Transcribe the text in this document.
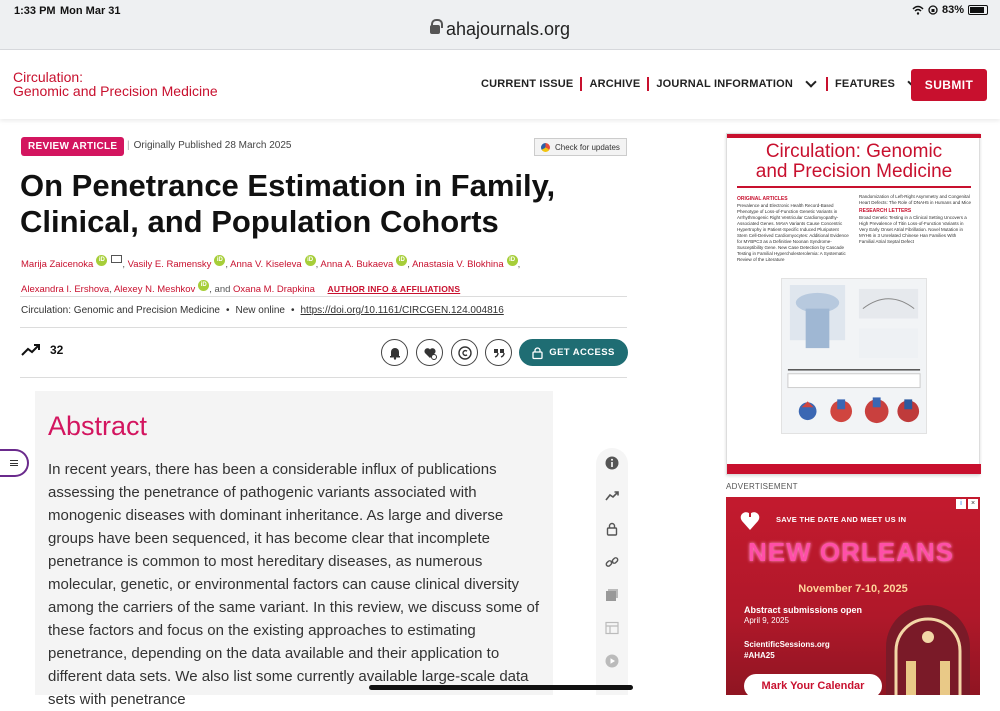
1:33 PM Mon Mar 31	83%
ahajournals.org
Circulation:
Genomic and Precision Medicine	CURRENT ISSUE ARCHIVE JOURNAL INFORMATION	FEATURES	SUBMIT
REVIEW ARTICLE | Originally Published 28 March 2025	Check for updates
On Penetrance Estimation in Family,
Clinical, and Population Cohorts
Marija Zaicenoka iD , Vasily E. Ramensky iD , Anna V. Kiseleva iD , Anna A. Bukaeva iD , Anastasia V. Blokhina iD ,
Alexandra I. Ershova, Alexey N. Meshkov iD , and Oxana M. Drapkina AUTHOR INFO & AFFILIATIONS
Circulation: Genomic and Precision Medicine • New online • https://doi.org/10.1161/CIRCGEN.124.004816
32	GET ACCESS
Abstract

In recent years, there has been a considerable influx of publications assessing the penetrance of pathogenic variants associated with monogenic diseases with dominant inheritance. As large and diverse groups have been sequenced, it has become clear that incomplete penetrance is common to most hereditary diseases, as numerous molecular, genetic, or environmental factors can cause clinical diversity among the carriers of the same variant. In this review, we discuss some of these factors and focus on the existing approaches to estimating penetrance, depending on the data available and their application to different data sets. We also list some currently available large-scale data sets with penetrance

Circulation: Genomic
and Precision Medicine
ORIGINAL ARTICLES
Prevalence and Electronic Health Record-Based Phenotype of Loss-of-Function Genetic Variants in Arrhythmogenic Right Ventricular Cardiomyopathy-Associated Genes. MAVA Variants Cause Concentric Hypertrophy in Patient-Specific Induced Pluripotent Stem Cell-Derived Cardiomyocytes: Additional Evidence for MYBPC3 as a Definitive Noonan Syndrome-Susceptibility Gene. New Case Detection by Cascade Testing in Familial Hypercholesterolemia: A Systematic Review of the Literature
Randomization of Left-Right Asymmetry and Congenital Heart Defects: The Role of DNAH5 in Humans and Mice
RESEARCH LETTERS
Broad Genetic Testing in a Clinical Setting Uncovers a High Prevalence of Titin Loss-of-Function Variants in Very Early Onset Atrial Fibrillation. Novel Mutation in MYH6 in 3 Unrelated Chinese Han Families With Familial Atrial Septal Defect
ADVERTISEMENT
SAVE THE DATE AND MEET US IN
NEW ORLEANS
November 7-10, 2025
Abstract submissions open
April 9, 2025
ScientificSessions.org
#AHA25
Mark Your Calendar
i	×
